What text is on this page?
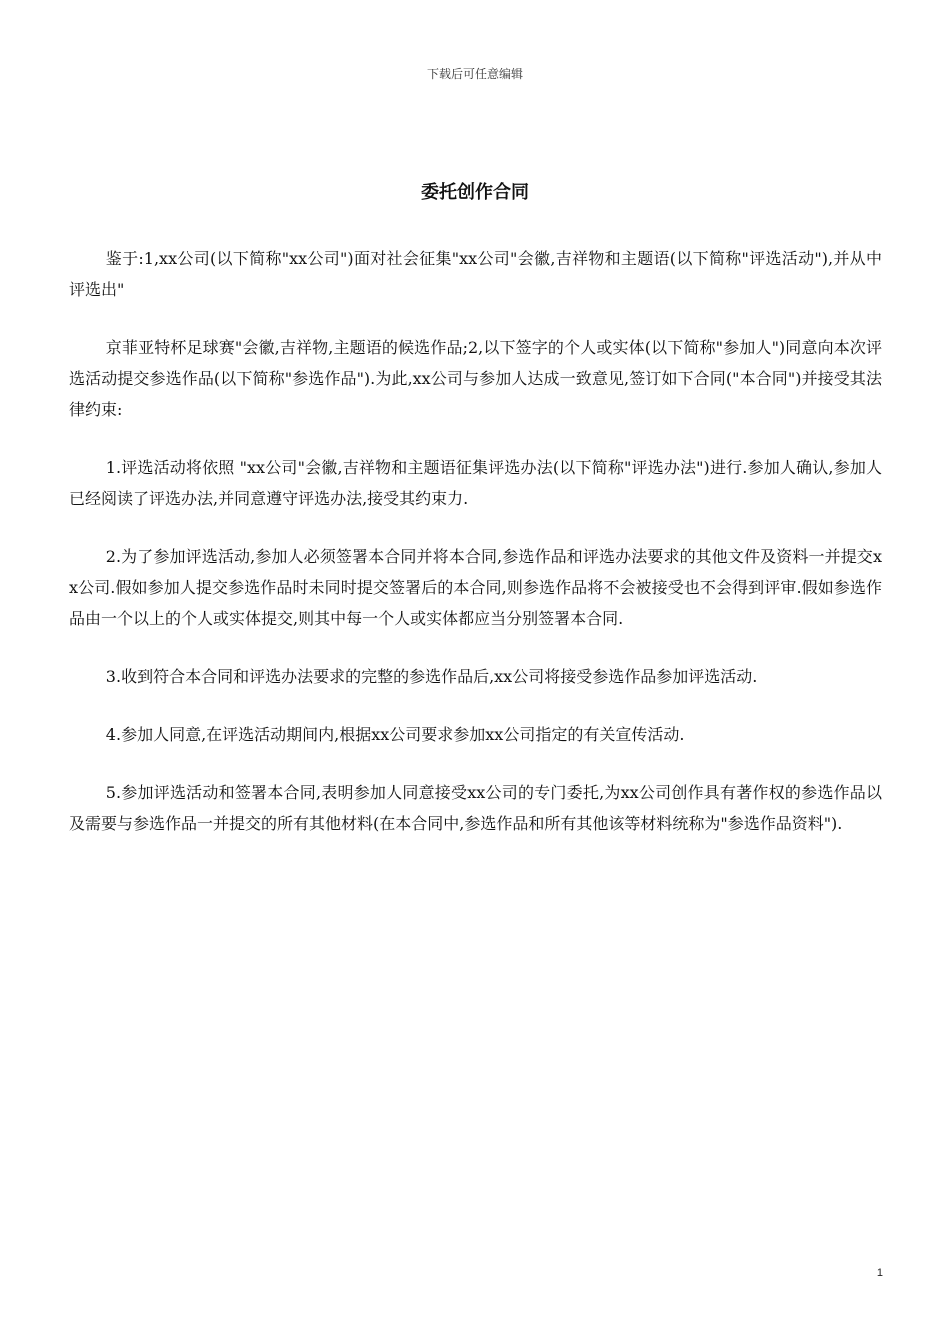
下载后可任意编辑
委托创作合同

鉴于:1,xx公司(以下简称"xx公司")面对社会征集"xx公司"会徽,吉祥物和主题语(以下简称"评选活动"),并从中评选出"

京菲亚特杯足球赛"会徽,吉祥物,主题语的候选作品;2,以下签字的个人或实体(以下简称"参加人")同意向本次评选活动提交参选作品(以下简称"参选作品").为此,xx公司与参加人达成一致意见,签订如下合同("本合同")并接受其法律约束:

1.评选活动将依照 "xx公司"会徽,吉祥物和主题语征集评选办法(以下简称"评选办法")进行.参加人确认,参加人已经阅读了评选办法,并同意遵守评选办法,接受其约束力.

2.为了参加评选活动,参加人必须签署本合同并将本合同,参选作品和评选办法要求的其他文件及资料一并提交xx公司.假如参加人提交参选作品时未同时提交签署后的本合同,则参选作品将不会被接受也不会得到评审.假如参选作品由一个以上的个人或实体提交,则其中每一个人或实体都应当分别签署本合同.

3.收到符合本合同和评选办法要求的完整的参选作品后,xx公司将接受参选作品参加评选活动.

4.参加人同意,在评选活动期间内,根据xx公司要求参加xx公司指定的有关宣传活动.

5.参加评选活动和签署本合同,表明参加人同意接受xx公司的专门委托,为xx公司创作具有著作权的参选作品以及需要与参选作品一并提交的所有其他材料(在本合同中,参选作品和所有其他该等材料统称为"参选作品资料").

1
